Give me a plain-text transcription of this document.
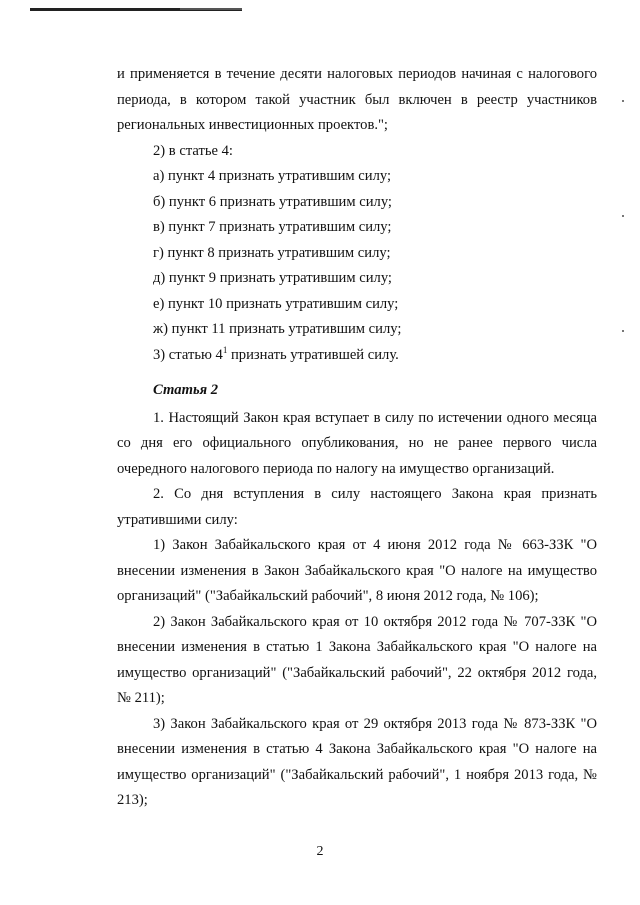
и применяется в течение десяти налоговых периодов начиная с налогового периода, в котором такой участник был включен в реестр участников региональных инвестиционных проектов.";

2) в статье 4:

а) пункт 4 признать утратившим силу;

б) пункт 6 признать утратившим силу;

в) пункт 7 признать утратившим силу;

г) пункт 8 признать утратившим силу;

д) пункт 9 признать утратившим силу;

е) пункт 10 признать утратившим силу;

ж) пункт 11 признать утратившим силу;

3) статью $4^1$ признать утратившей силу.

Статья 2

1. Настоящий Закон края вступает в силу по истечении одного месяца со дня его официального опубликования, но не ранее первого числа очередного налогового периода по налогу на имущество организаций.

2. Со дня вступления в силу настоящего Закона края признать утратившими силу:

1) Закон Забайкальского края от 4 июня 2012 года № 663-ЗЗК "О внесении изменения в Закон Забайкальского края "О налоге на имущество организаций" ("Забайкальский рабочий", 8 июня 2012 года, № 106);

2) Закон Забайкальского края от 10 октября 2012 года № 707-ЗЗК "О внесении изменения в статью 1 Закона Забайкальского края "О налоге на имущество организаций" ("Забайкальский рабочий", 22 октября 2012 года, № 211);

3) Закон Забайкальского края от 29 октября 2013 года № 873-ЗЗК "О внесении изменения в статью 4 Закона Забайкальского края "О налоге на имущество организаций" ("Забайкальский рабочий", 1 ноября 2013 года, № 213);

2
